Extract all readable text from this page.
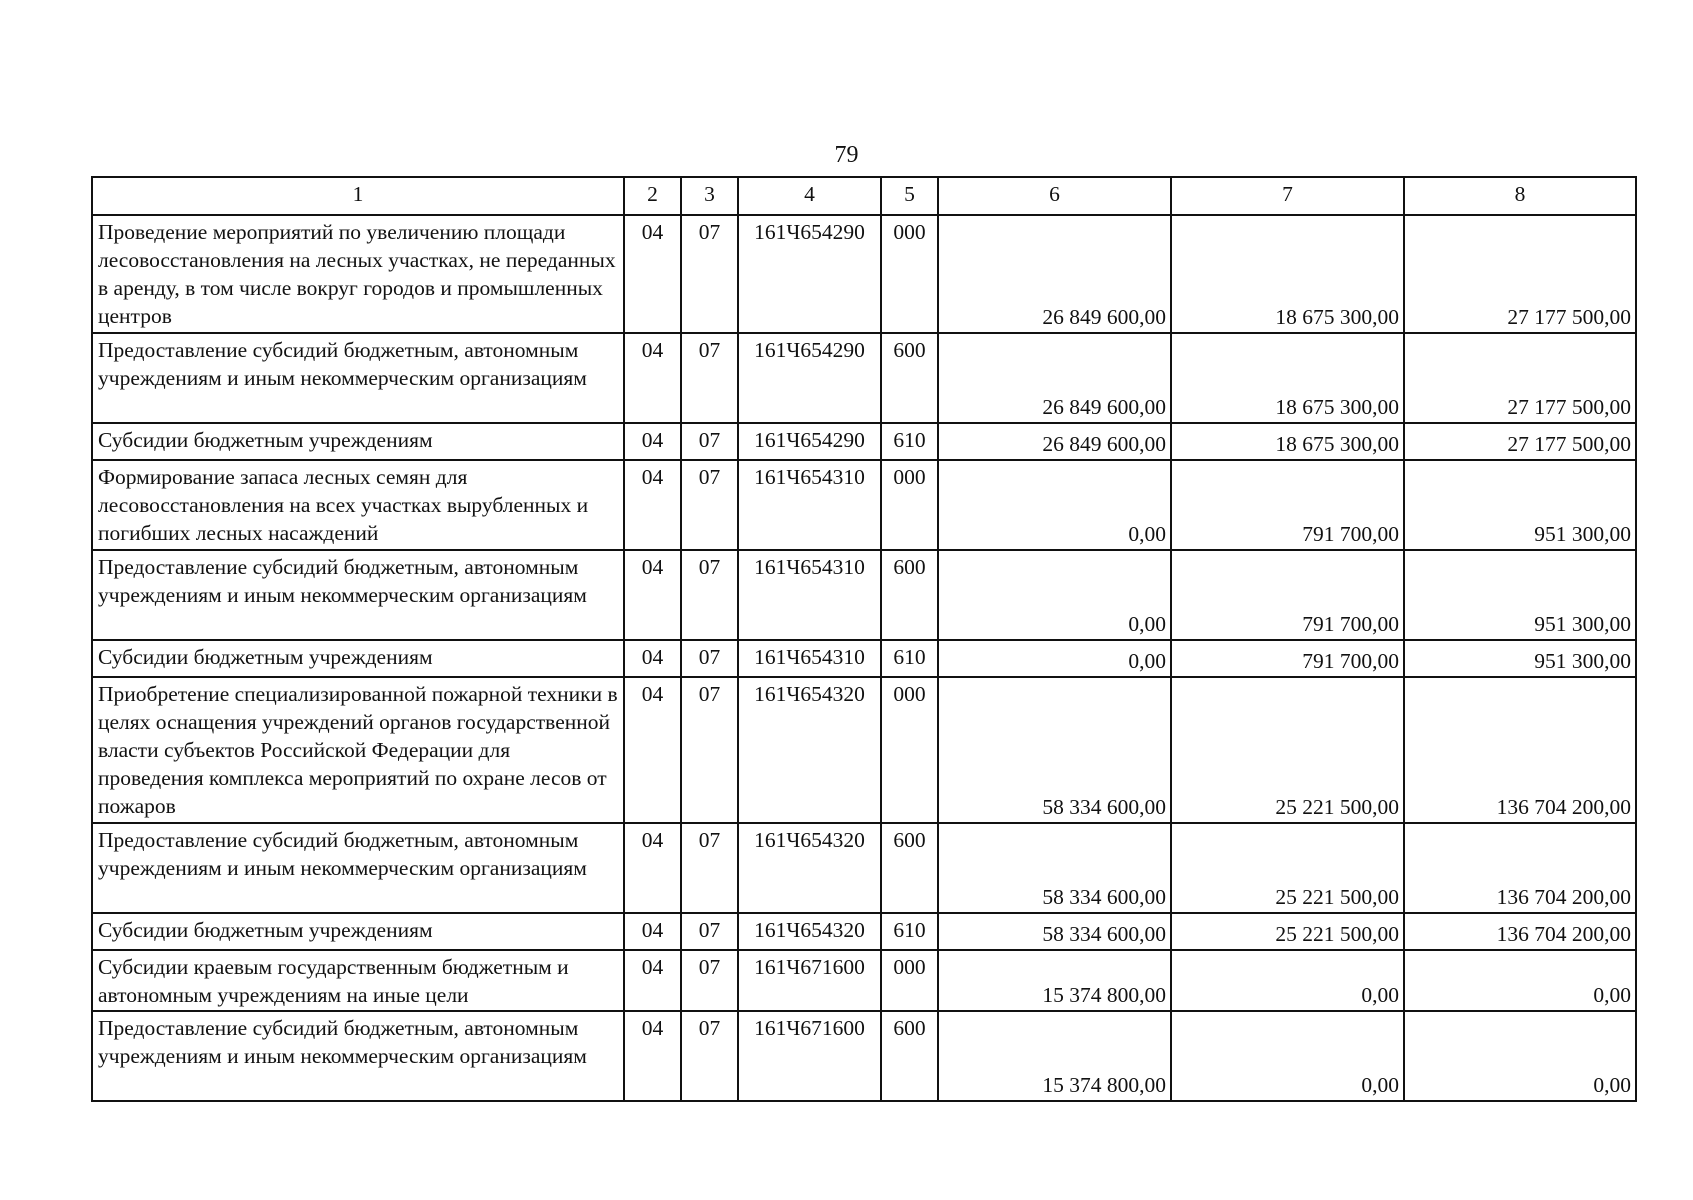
79
1	2	3	4	5	6	7	8
Проведение мероприятий по увеличению площади лесовосстановления на лесных участках, не переданных в аренду, в том числе вокруг городов и промышленных центров	04	07	161Ч654290	000	26 849 600,00	18 675 300,00	27 177 500,00
Предоставление субсидий бюджетным, автономным учреждениям и иным некоммерческим организациям	04	07	161Ч654290	600	26 849 600,00	18 675 300,00	27 177 500,00
Субсидии бюджетным учреждениям	04	07	161Ч654290	610	26 849 600,00	18 675 300,00	27 177 500,00
Формирование запаса лесных семян для лесовосстановления на всех участках вырубленных и погибших лесных насаждений	04	07	161Ч654310	000	0,00	791 700,00	951 300,00
Предоставление субсидий бюджетным, автономным учреждениям и иным некоммерческим организациям	04	07	161Ч654310	600	0,00	791 700,00	951 300,00
Субсидии бюджетным учреждениям	04	07	161Ч654310	610	0,00	791 700,00	951 300,00
Приобретение специализированной пожарной техники в целях оснащения учреждений органов государственной власти субъектов Российской Федерации для проведения комплекса мероприятий по охране лесов от пожаров	04	07	161Ч654320	000	58 334 600,00	25 221 500,00	136 704 200,00
Предоставление субсидий бюджетным, автономным учреждениям и иным некоммерческим организациям	04	07	161Ч654320	600	58 334 600,00	25 221 500,00	136 704 200,00
Субсидии бюджетным учреждениям	04	07	161Ч654320	610	58 334 600,00	25 221 500,00	136 704 200,00
Субсидии краевым государственным бюджетным и автономным учреждениям на иные цели	04	07	161Ч671600	000	15 374 800,00	0,00	0,00
Предоставление субсидий бюджетным, автономным учреждениям и иным некоммерческим организациям	04	07	161Ч671600	600	15 374 800,00	0,00	0,00
